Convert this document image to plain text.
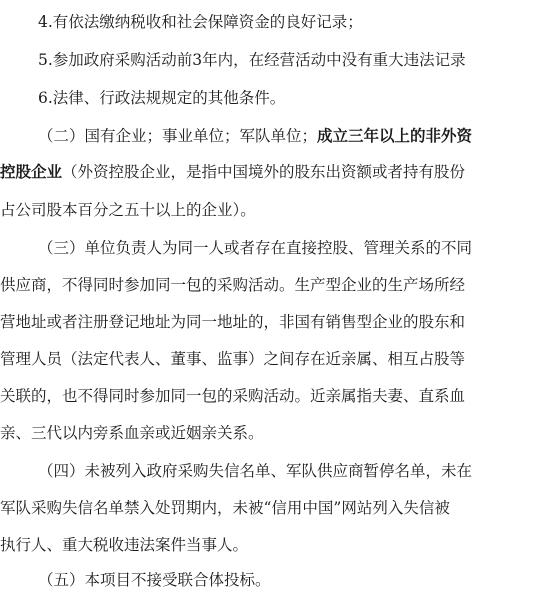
4.有依法缴纳税收和社会保障资金的良好记录；
5.参加政府采购活动前3年内，在经营活动中没有重大违法记录
6.法律、行政法规规定的其他条件。
（二）国有企业；事业单位；军队单位；成立三年以上的非外资
控股企业（外资控股企业，是指中国境外的股东出资额或者持有股份
占公司股本百分之五十以上的企业）。
（三）单位负责人为同一人或者存在直接控股、管理关系的不同
供应商，不得同时参加同一包的采购活动。生产型企业的生产场所经
营地址或者注册登记地址为同一地址的，非国有销售型企业的股东和
管理人员（法定代表人、董事、监事）之间存在近亲属、相互占股等
关联的，也不得同时参加同一包的采购活动。近亲属指夫妻、直系血
亲、三代以内旁系血亲或近姻亲关系。
（四）未被列入政府采购失信名单、军队供应商暂停名单，未在
军队采购失信名单禁入处罚期内，未被“信用中国”网站列入失信被
执行人、重大税收违法案件当事人。
（五）本项目不接受联合体投标。
